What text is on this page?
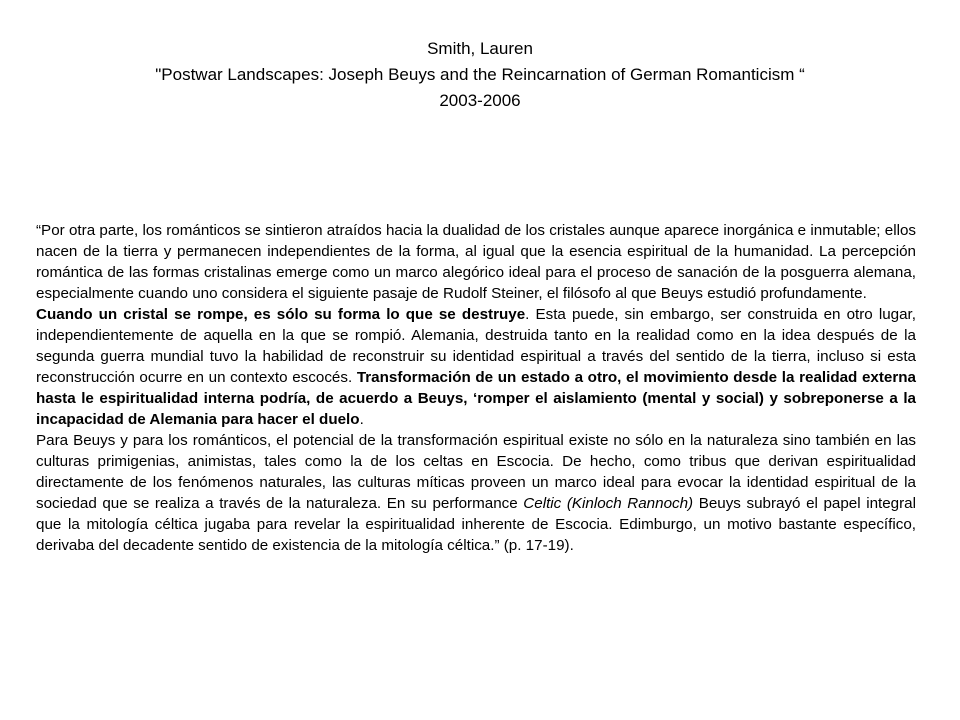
Smith, Lauren
"Postwar Landscapes: Joseph Beuys and the Reincarnation of German Romanticism “
2003-2006

“Por otra parte, los románticos se sintieron atraídos hacia la dualidad de los cristales aunque aparece inorgánica e inmutable; ellos nacen de la tierra y permanecen independientes de la forma, al igual que la esencia espiritual de la humanidad. La percepción romántica de las formas cristalinas emerge como un marco alegórico ideal para el proceso de sanación de la posguerra alemana, especialmente cuando uno considera el siguiente pasaje de Rudolf Steiner, el filósofo al que Beuys estudió profundamente.

Cuando un cristal se rompe, es sólo su forma lo que se destruye. Esta puede, sin embargo, ser construida en otro lugar, independientemente de aquella en la que se rompió. Alemania, destruida tanto en la realidad como en la idea después de la segunda guerra mundial tuvo la habilidad de reconstruir su identidad espiritual a través del sentido de la tierra, incluso si esta reconstrucción ocurre en un contexto escocés. Transformación de un estado a otro, el movimiento desde la realidad externa hasta le espiritualidad interna podría, de acuerdo a Beuys, ‘romper el aislamiento (mental y social) y sobreponerse a la incapacidad de Alemania para hacer el duelo.

Para Beuys y para los románticos, el potencial de la transformación espiritual existe no sólo en la naturaleza sino también en las culturas primigenias, animistas, tales como la de los celtas en Escocia. De hecho, como tribus que derivan espiritualidad directamente de los fenómenos naturales, las culturas míticas proveen un marco ideal para evocar la identidad espiritual de la sociedad que se realiza a través de la naturaleza. En su performance Celtic (Kinloch Rannoch) Beuys subrayó el papel integral que la mitología céltica jugaba para revelar la espiritualidad inherente de Escocia. Edimburgo, un motivo bastante específico, derivaba del decadente sentido de existencia de la mitología céltica.” (p. 17-19).
